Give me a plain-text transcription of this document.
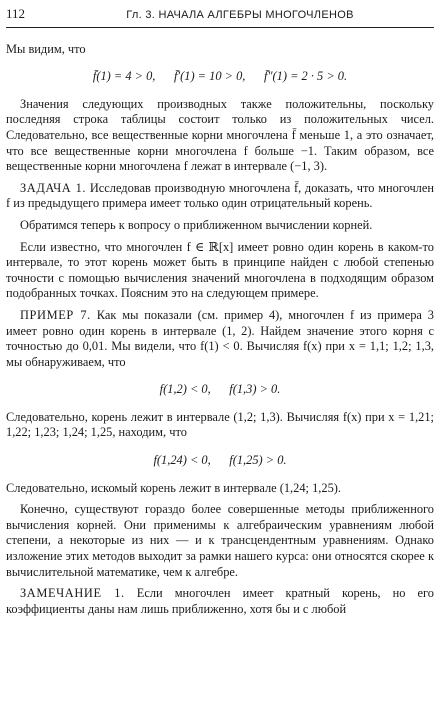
112	Гл. 3. НАЧАЛА АЛГЕБРЫ МНОГОЧЛЕНОВ

Мы видим, что

f̄(1) = 4 > 0,      f̄′(1) = 10 > 0,      f̄″(1) = 2 · 5 > 0.

Значения следующих производных также положительны, поскольку последняя строка таблицы состоит только из положительных чисел. Следовательно, все вещественные корни многочлена f̄ меньше 1, а это означает, что все вещественные корни многочлена f больше −1. Таким образом, все вещественные корни многочлена f лежат в интервале (−1, 3).

ЗАДАЧА 1. Исследовав производную многочлена f̄, доказать, что многочлен f из предыдущего примера имеет только один отрицательный корень.

Обратимся теперь к вопросу о приближенном вычислении корней.

Если известно, что многочлен f ∈ ℝ[x] имеет ровно один корень в каком-то интервале, то этот корень может быть в принципе найден с любой степенью точности с помощью вычисления значений многочлена в подходящим образом подобранных точках. Поясним это на следующем примере.

ПРИМЕР 7. Как мы показали (см. пример 4), многочлен f из примера 3 имеет ровно один корень в интервале (1, 2). Найдем значение этого корня с точностью до 0,01. Мы видели, что f(1) < 0. Вычисляя f(x) при x = 1,1; 1,2; 1,3, мы обнаруживаем, что

f(1,2) < 0,      f(1,3) > 0.

Следовательно, корень лежит в интервале (1,2; 1,3). Вычисляя f(x) при x = 1,21; 1,22; 1,23; 1,24; 1,25, находим, что

f(1,24) < 0,      f(1,25) > 0.

Следовательно, искомый корень лежит в интервале (1,24; 1,25).

Конечно, существуют гораздо более совершенные методы приближенного вычисления корней. Они применимы к алгебраическим уравнениям любой степени, а некоторые из них — и к трансцендентным уравнениям. Однако изложение этих методов выходит за рамки нашего курса: они относятся скорее к вычислительной математике, чем к алгебре.

ЗАМЕЧАНИЕ 1. Если многочлен имеет кратный корень, но его коэффициенты даны нам лишь приближенно, хотя бы и с любой
